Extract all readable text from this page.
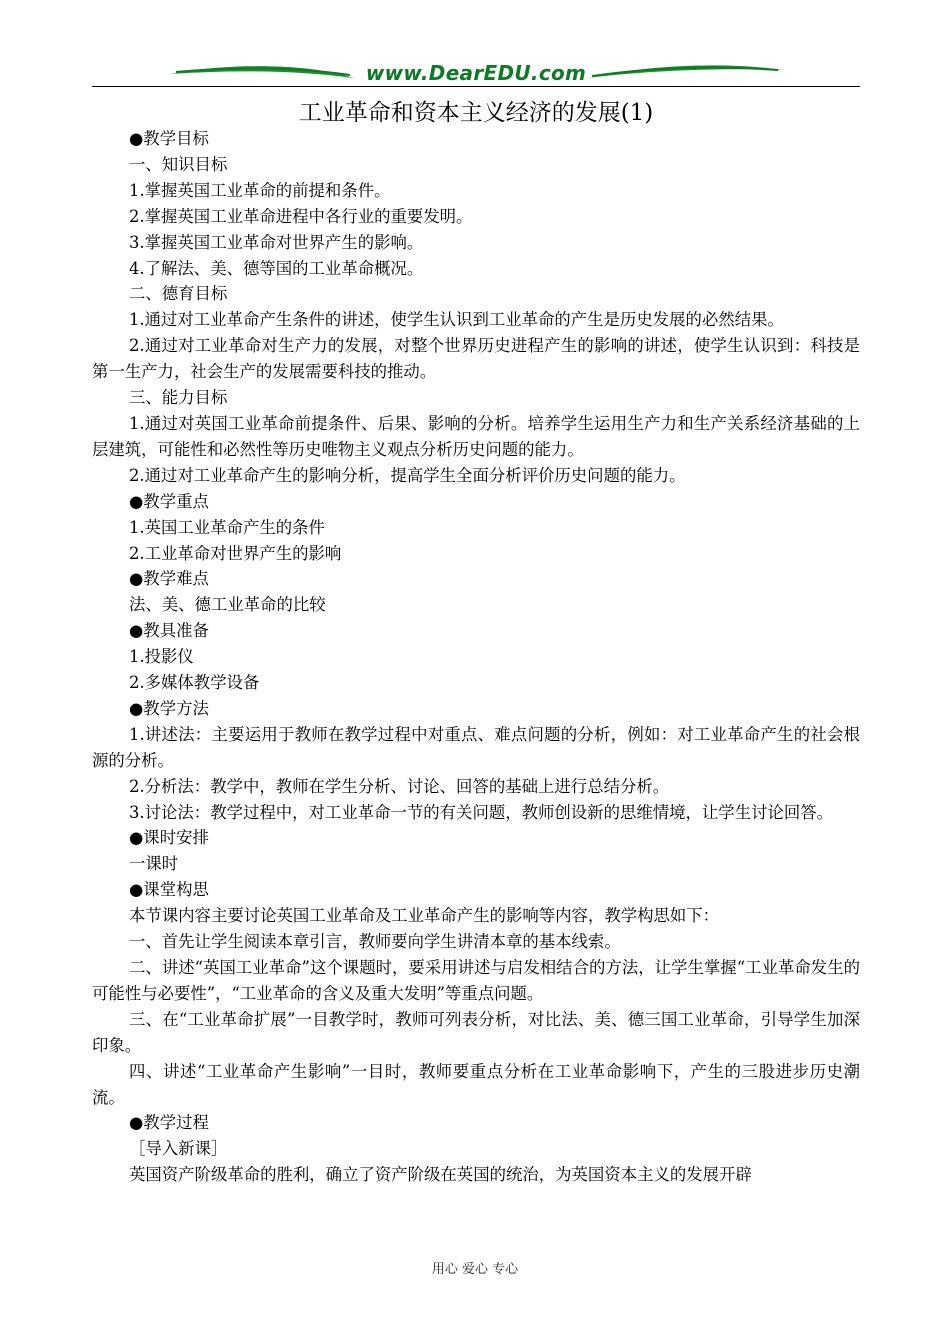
www.DearEDU.com
工业革命和资本主义经济的发展(1)

●教学目标

一、知识目标

1.掌握英国工业革命的前提和条件。

2.掌握英国工业革命进程中各行业的重要发明。

3.掌握英国工业革命对世界产生的影响。

4.了解法、美、德等国的工业革命概况。

二、德育目标

1.通过对工业革命产生条件的讲述，使学生认识到工业革命的产生是历史发展的必然结果。

2.通过对工业革命对生产力的发展，对整个世界历史进程产生的影响的讲述，使学生认识到：科技是第一生产力，社会生产的发展需要科技的推动。

三、能力目标

1.通过对英国工业革命前提条件、后果、影响的分析。培养学生运用生产力和生产关系经济基础的上层建筑，可能性和必然性等历史唯物主义观点分析历史问题的能力。

2.通过对工业革命产生的影响分析，提高学生全面分析评价历史问题的能力。

●教学重点

1.英国工业革命产生的条件

2.工业革命对世界产生的影响

●教学难点

法、美、德工业革命的比较

●教具准备

1.投影仪

2.多媒体教学设备

●教学方法

1.讲述法：主要运用于教师在教学过程中对重点、难点问题的分析，例如：对工业革命产生的社会根源的分析。

2.分析法：教学中，教师在学生分析、讨论、回答的基础上进行总结分析。

3.讨论法：教学过程中，对工业革命一节的有关问题，教师创设新的思维情境，让学生讨论回答。

●课时安排

一课时

●课堂构思

本节课内容主要讨论英国工业革命及工业革命产生的影响等内容，教学构思如下：

一、首先让学生阅读本章引言，教师要向学生讲清本章的基本线索。

二、讲述“英国工业革命”这个课题时，要采用讲述与启发相结合的方法，让学生掌握“工业革命发生的可能性与必要性”，“工业革命的含义及重大发明”等重点问题。

三、在“工业革命扩展”一目教学时，教师可列表分析，对比法、美、德三国工业革命，引导学生加深印象。

四、讲述“工业革命产生影响”一目时，教师要重点分析在工业革命影响下，产生的三股进步历史潮流。

●教学过程

［导入新课］

英国资产阶级革命的胜利，确立了资产阶级在英国的统治，为英国资本主义的发展开辟

用心 爱心 专心
